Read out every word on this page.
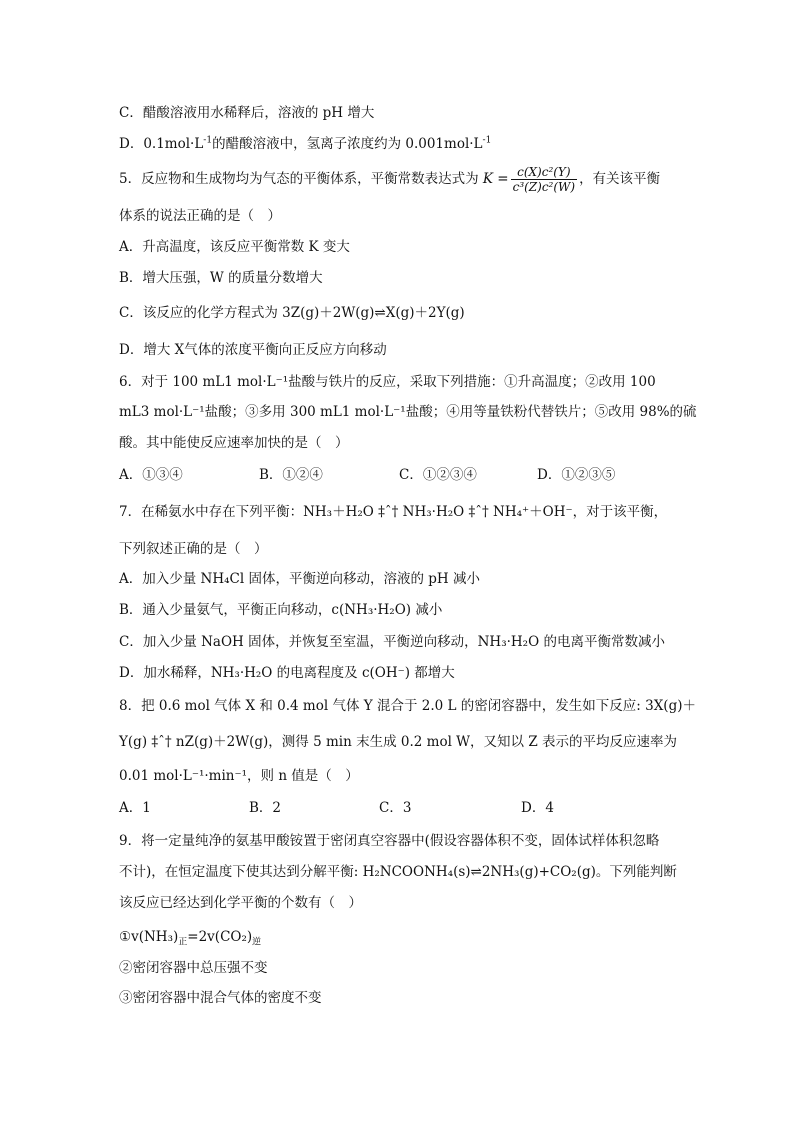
C．醋酸溶液用水稀释后，溶液的 pH 增大
D．$0.1mol\cdot L^{-1}$的醋酸溶液中，氢离子浓度约为 $0.001mol\cdot L^{-1}$
5．反应物和生成物均为气态的平衡体系，平衡常数表达式为 $K = \frac{\text{c(X)c²(Y)}}{\text{c³(Z)c²(W)}}$ ，有关该平衡
体系的说法正确的是（　）
A．升高温度，该反应平衡常数 K 变大
B．增大压强，W 的质量分数增大
C．该反应的化学方程式为 3Z(g)＋2W(g)⇌X(g)＋2Y(g)
D．增大 X气体的浓度平衡向正反应方向移动
6．对于 100 mL1 mol·L⁻¹盐酸与铁片的反应，采取下列措施：①升高温度；②改用 100
mL3 mol·L⁻¹盐酸；③多用 300 mL1 mol·L⁻¹盐酸；④用等量铁粉代替铁片；⑤改用 98%的硫
酸。其中能使反应速率加快的是（　）
A．①③④	B．①②④	C．①②③④	D．①②③⑤
7．在稀氨水中存在下列平衡：NH₃＋H₂O ‡ˆ† NH₃·H₂O ‡ˆ† NH₄⁺＋OH⁻，对于该平衡，
下列叙述正确的是（　）
A．加入少量 NH₄Cl 固体，平衡逆向移动，溶液的 pH 减小
B．通入少量氨气，平衡正向移动，c(NH₃·H₂O) 减小
C．加入少量 NaOH 固体，并恢复至室温，平衡逆向移动，NH₃·H₂O 的电离平衡常数减小
D．加水稀释，NH₃·H₂O 的电离程度及 c(OH⁻) 都增大
8．把 0.6 mol 气体 X 和 0.4 mol 气体 Y 混合于 2.0 L 的密闭容器中，发生如下反应: 3X(g)＋
Y(g) ‡ˆ† nZ(g)＋2W(g)，测得 5 min 末生成 0.2 mol W，又知以 Z 表示的平均反应速率为
0.01 mol·L⁻¹·min⁻¹，则 n 值是（　）
A．1	B．2	C．3	D．4
9．将一定量纯净的氨基甲酸铵置于密闭真空容器中(假设容器体积不变，固体试样体积忽略
不计)，在恒定温度下使其达到分解平衡: H₂NCOONH₄(s)⇌2NH₃(g)+CO₂(g)。下列能判断
该反应已经达到化学平衡的个数有（　）
$①v(NH_3)_正=2v(CO_2)_逆$
②密闭容器中总压强不变
③密闭容器中混合气体的密度不变
